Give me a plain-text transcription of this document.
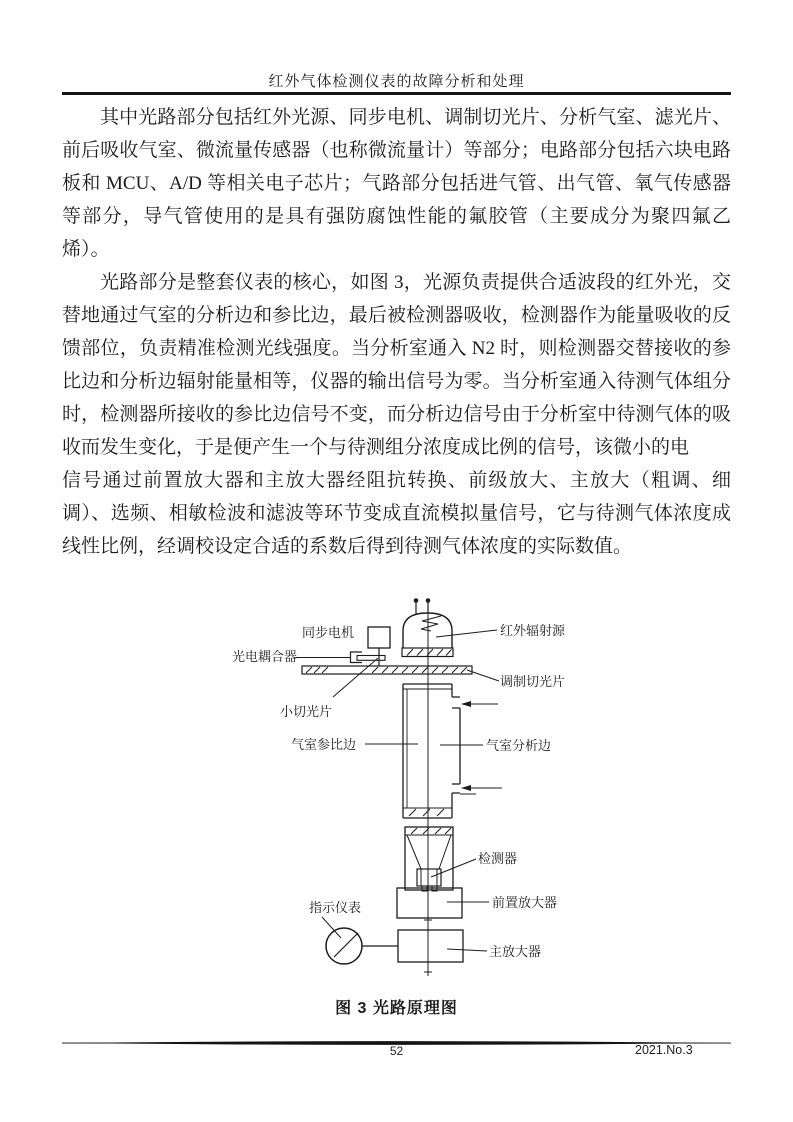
红外气体检测仪表的故障分析和处理

其中光路部分包括红外光源、同步电机、调制切光片、分析气室、滤光片、前后吸收气室、微流量传感器（也称微流量计）等部分；电路部分包括六块电路板和 MCU、A/D 等相关电子芯片；气路部分包括进气管、出气管、氧气传感器等部分，导气管使用的是具有强防腐蚀性能的氟胶管（主要成分为聚四氟乙烯）。

光路部分是整套仪表的核心，如图 3，光源负责提供合适波段的红外光，交替地通过气室的分析边和参比边，最后被检测器吸收，检测器作为能量吸收的反馈部位，负责精准检测光线强度。当分析室通入 N2 时，则检测器交替接收的参比边和分析边辐射能量相等，仪器的输出信号为零。当分析室通入待测气体组分时，检测器所接收的参比边信号不变，而分析边信号由于分析室中待测气体的吸收而发生变化，于是便产生一个与待测组分浓度成比例的信号，该微小的电

信号通过前置放大器和主放大器经阻抗转换、前级放大、主放大（粗调、细调）、选频、相敏检波和滤波等环节变成直流模拟量信号，它与待测气体浓度成线性比例，经调校设定合适的系数后得到待测气体浓度的实际数值。

红外辐射源
同步电机
光电耦合器
调制切光片
小切光片
气室参比边	气室分析边
检测器
前置放大器
主放大器
指示仪表
图 3 光路原理图
52	2021.No.3
